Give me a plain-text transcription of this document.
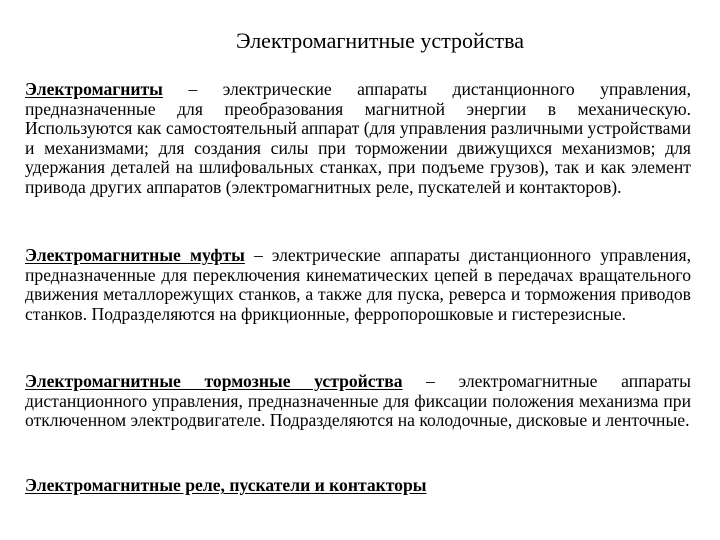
Электромагнитные устройства

Электромагниты – электрические аппараты дистанционного управления, предназначенные для преобразования магнитной энергии в механическую. Используются как самостоятельный аппарат (для управления различными устройствами и механизмами; для создания силы при торможении движущихся механизмов; для удержания деталей на шлифовальных станках, при подъеме грузов), так и как элемент привода других аппаратов (электромагнитных реле, пускателей и контакторов).

Электромагнитные муфты – электрические аппараты дистанционного управления, предназначенные для переключения кинематических цепей в передачах вращательного движения металлорежущих станков, а также для пуска, реверса и торможения приводов станков. Подразделяются на фрикционные, ферропорошковые и гистерезисные.

Электромагнитные тормозные устройства – электромагнитные аппараты дистанционного управления, предназначенные для фиксации положения механизма при отключенном электродвигателе. Подразделяются на колодочные, дисковые и ленточные.

Электромагнитные реле, пускатели и контакторы
